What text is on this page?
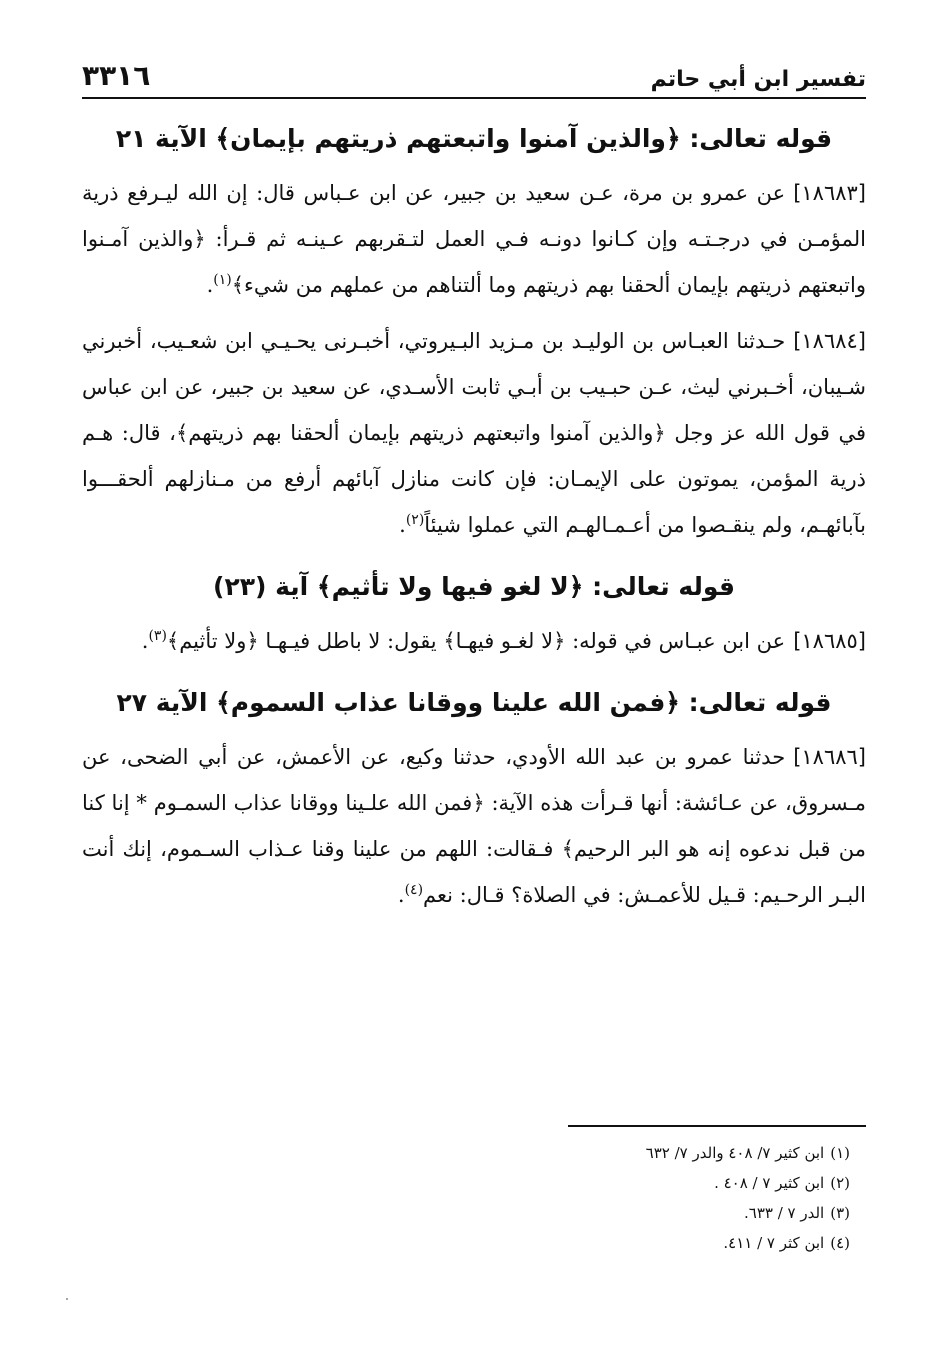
تفسير ابن أبي حاتم
٣٣١٦
قوله تعالى: ﴿والذين آمنوا واتبعتهم ذريتهم بإيمان﴾ الآية ٢١

[١٨٦٨٣]عن عمرو بن مرة، عـن سعيد بن جبير، عن ابن عـباس قال: إن الله ليـرفع ذرية المؤمـن في درجـتـه وإن كـانوا دونـه فـي العمل لتـقربهم عـينـه ثم قـرأ: ﴿والذين آمـنوا واتبعتهم ذريتهم بإيمان ألحقنا بهم ذريتهم وما ألتناهم من عملهم من شيء﴾$^{(١)}$.

[١٨٦٨٤]حـدثنا العبـاس بن الوليـد بن مـزيد البـيروتي، أخبـرنى يحـيـي ابن شعـيب، أخبرني شـيبان، أخـبرني ليث، عـن حبـيب بن أبـي ثابت الأسـدي، عن سعيد بن جبير، عن ابن عباس في قول الله عز وجل ﴿والذين آمنوا واتبعتهم ذريتهم بإيمان ألحقنا بهم ذريتهم﴾، قال: هـم ذرية المؤمن، يموتون على الإيمـان: فإن كانت منازل آبائهم أرفع من مـنازلهم ألحقـــوا بآبائهـم، ولم ينقـصوا من أعـمـالهـم التي عملوا شيئاً$^{(٢)}$.

قوله تعالى: ﴿لا لغو فيها ولا تأثيم﴾ آية (٢٣)

[١٨٦٨٥]عن ابن عبـاس في قوله: ﴿لا لغـو فيهـا﴾ يقول: لا باطل فيـهـا ﴿ولا تأثيم﴾$^{(٣)}$.

قوله تعالى: ﴿فمن الله علينا ووقانا عذاب السموم﴾ الآية ٢٧

[١٨٦٨٦]حدثنا عمرو بن عبد الله الأودي، حدثنا وكيع، عن الأعمش، عن أبي الضحى، عن مـسروق، عن عـائشة: أنها قـرأت هذه الآية: ﴿فمن الله علـينا ووقانا عذاب السمـوم * إنا كنا من قبل ندعوه إنه هو البر الرحيم﴾ فـقالت: اللهم من علينا وقنا عـذاب السـموم، إنك أنت البـر الرحـيم: قـيل للأعمـش: في الصلاة؟ قـال: نعم$^{(٤)}$.

(١)ابن كثير ٧/ ٤٠٨ والدر ٧/ ٦٣٢
(٢)ابن كثير ٧ / ٤٠٨ .
(٣)الدر ٧ / ٦٣٣.
(٤)ابن كثر ٧ / ٤١١.
